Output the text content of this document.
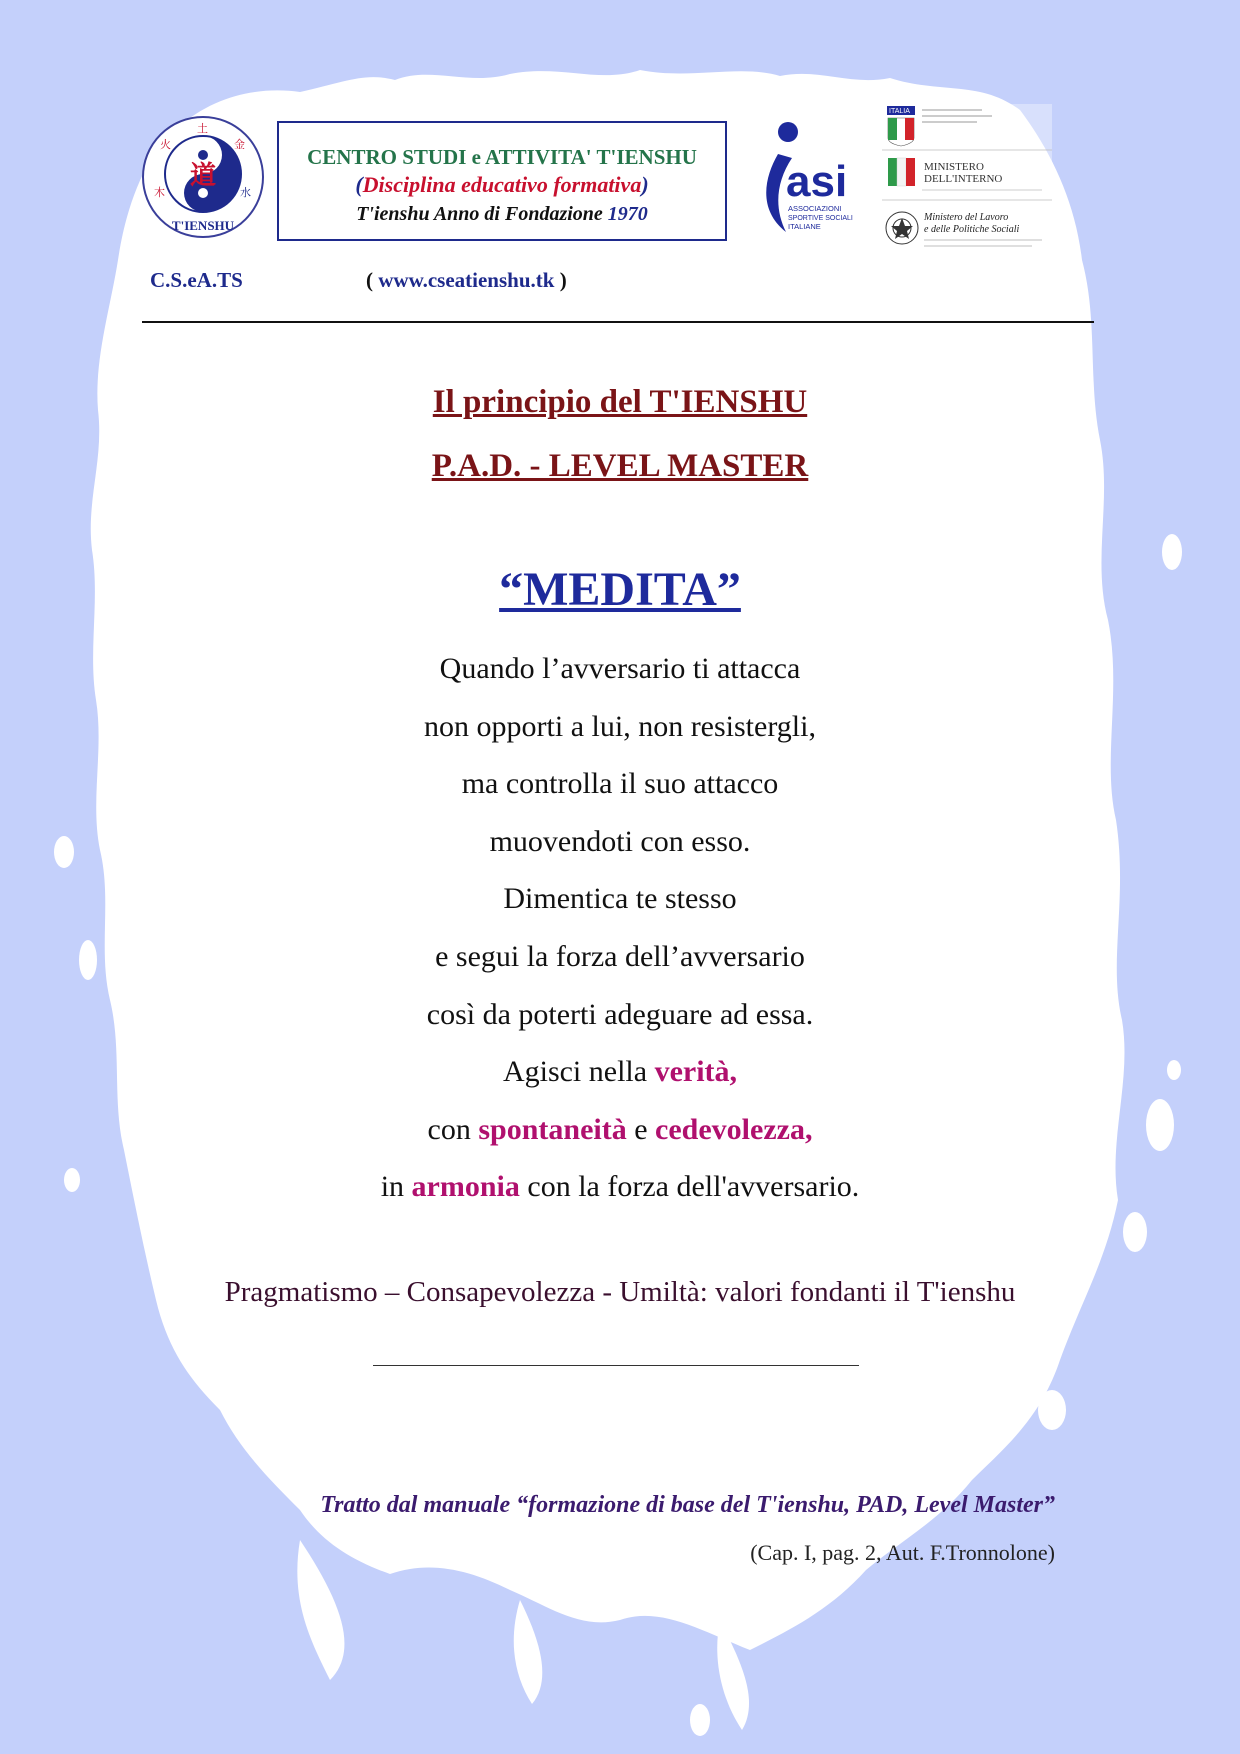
道
土
金
水
木
火
T'IENSHU
CENTRO STUDI e ATTIVITA' T'IENSHU
(Disciplina educativo formativa)
T'ienshu Anno di Fondazione 1970
asi
ASSOCIAZIONI
SPORTIVE SOCIALI
ITALIANE
ITALIA
MINISTERO
DELL'INTERNO
Ministero del Lavoro
e delle Politiche Sociali
C.S.eA.TS	( www.cseatienshu.tk )
Il principio del T'IENSHU
P.A.D. - LEVEL MASTER
“MEDITA”
Quando l’avversario ti attacca
non opporti a lui, non resistergli,
ma controlla il suo attacco
muovendoti con esso.
Dimentica te stesso
e segui la forza dell’avversario
così da poterti adeguare ad essa.
Agisci nella verità,
con spontaneità e cedevolezza,
in armonia con la forza dell'avversario.
Pragmatismo – Consapevolezza - Umiltà: valori fondanti il T'ienshu
Tratto dal manuale “formazione di base del T'ienshu, PAD, Level Master”
(Cap. I, pag. 2, Aut. F.Tronnolone)
